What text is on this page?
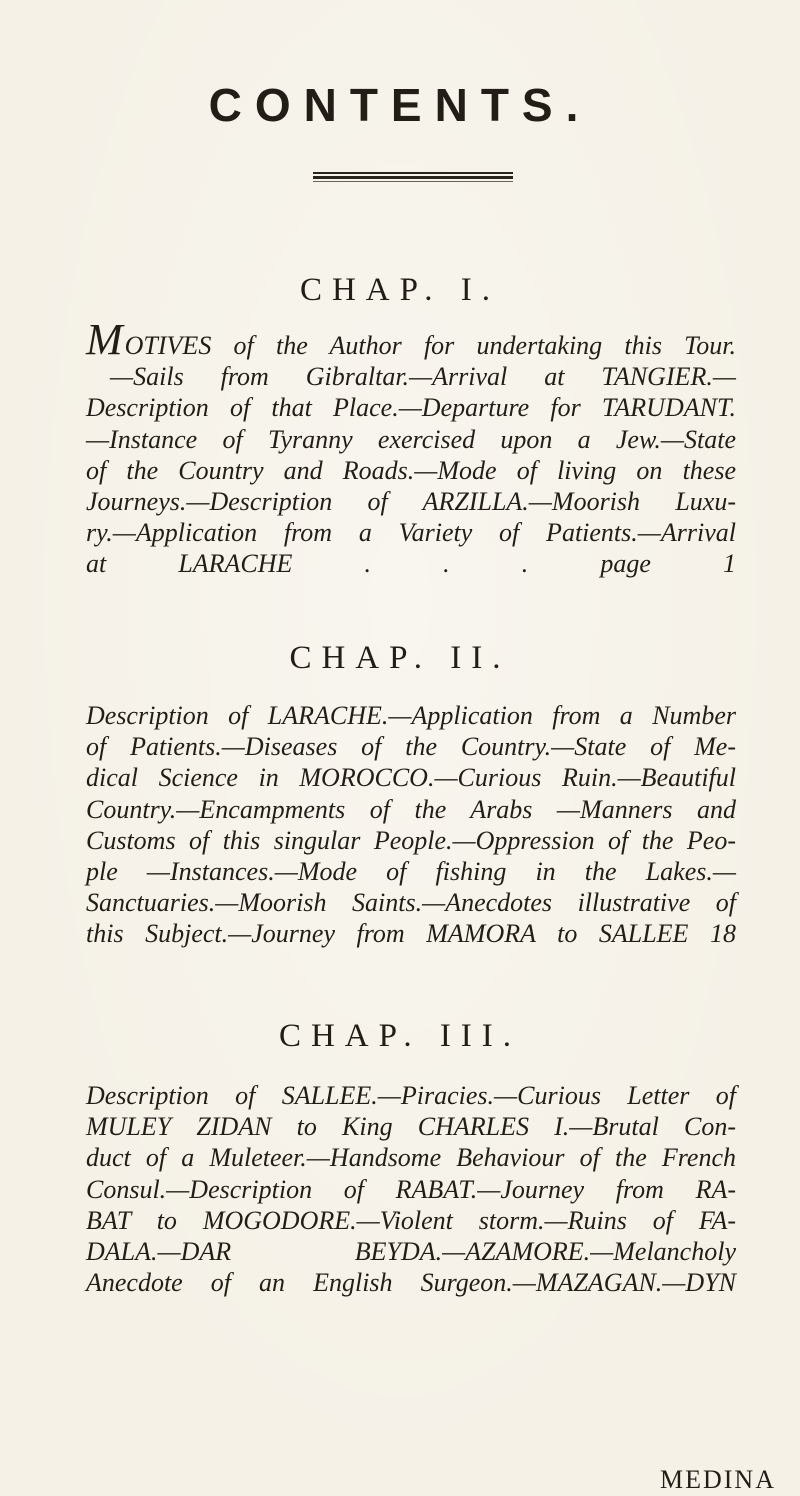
CONTENTS.
CHAP. I.
MOTIVES of the Author for undertaking this Tour.
—Sails from Gibraltar.—Arrival at TANGIER.—
Description of that Place.—Departure for TARUDANT.
—Instance of Tyranny exercised upon a Jew.—State
of the Country and Roads.—Mode of living on these
Journeys.—Description of ARZILLA.—Moorish Luxu-
ry.—Application from a Variety of Patients.—Arrival
at LARACHE . . . page 1
CHAP. II.
Description of LARACHE.—Application from a Number
of Patients.—Diseases of the Country.—State of Me-
dical Science in MOROCCO.—Curious Ruin.—Beautiful
Country.—Encampments of the Arabs —Manners and
Customs of this singular People.—Oppression of the Peo-
ple —Instances.—Mode of fishing in the Lakes.—
Sanctuaries.—Moorish Saints.—Anecdotes illustrative of
this Subject.—Journey from MAMORA to SALLEE 18
CHAP. III.
Description of SALLEE.—Piracies.—Curious Letter of
MULEY ZIDAN to King CHARLES I.—Brutal Con-
duct of a Muleteer.—Handsome Behaviour of the French
Consul.—Description of RABAT.—Journey from RA-
BAT to MOGODORE.—Violent storm.—Ruins of FA-
DALA.—DAR BEYDA.—AZAMORE.—Melancholy
Anecdote of an English Surgeon.—MAZAGAN.—DYN
MEDINA
